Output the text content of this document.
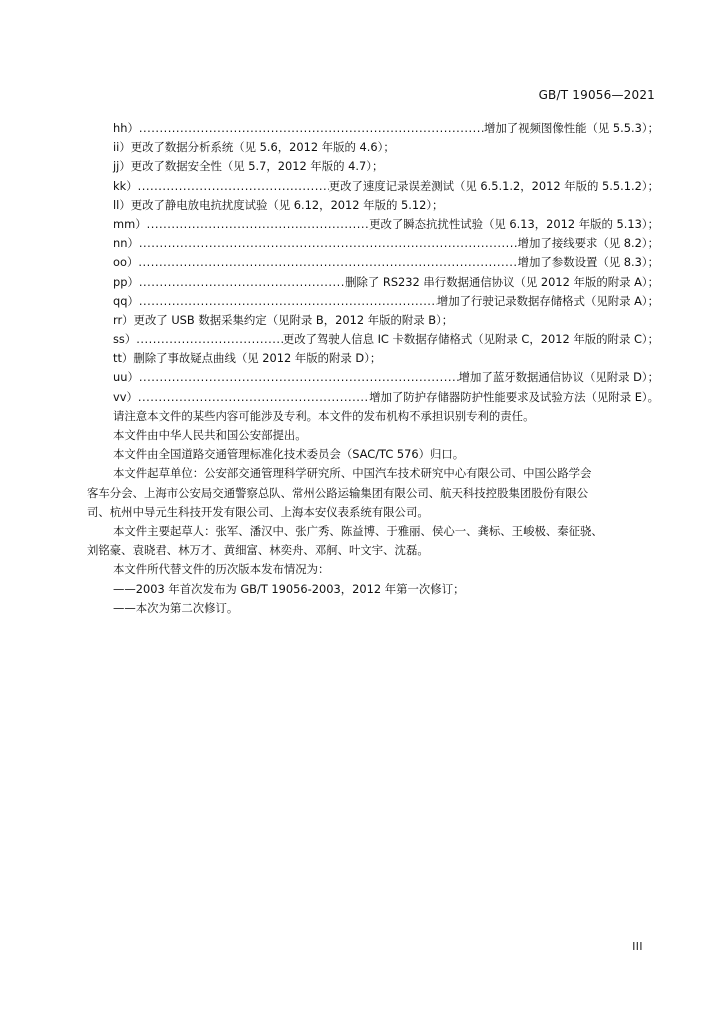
GB/T 19056—2021
hh） .....	增加了视频图像性能（见 5.5.3）；
ii）更改了数据分析系统（见 5.6，2012 年版的 4.6）；
jj）更改了数据安全性（见 5.7，2012 年版的 4.7）；
kk） .....	更改了速度记录误差测试（见 6.5.1.2，2012 年版的 5.5.1.2）；
ll）更改了静电放电抗扰度试验（见 6.12，2012 年版的 5.12）；
mm） .....	更改了瞬态抗扰性试验（见 6.13，2012 年版的 5.13）；
nn） .....	增加了接线要求（见 8.2）；
oo） .....	增加了参数设置（见 8.3）；
pp） .....	删除了 RS232 串行数据通信协议（见 2012 年版的附录 A）；
qq） .....	增加了行驶记录数据存储格式（见附录 A）；
rr）更改了 USB 数据采集约定（见附录 B，2012 年版的附录 B）；
ss） .....	更改了驾驶人信息 IC 卡数据存储格式（见附录 C，2012 年版的附录 C）；
tt）删除了事故疑点曲线（见 2012 年版的附录 D）；
uu） .....	增加了蓝牙数据通信协议（见附录 D）；
vv） .....	增加了防护存储器防护性能要求及试验方法（见附录 E）。
请注意本文件的某些内容可能涉及专利。本文件的发布机构不承担识别专利的责任。
本文件由中华人民共和国公安部提出。
本文件由全国道路交通管理标准化技术委员会（SAC/TC 576）归口。
本文件起草单位：公安部交通管理科学研究所、中国汽车技术研究中心有限公司、中国公路学会
客车分会、上海市公安局交通警察总队、常州公路运输集团有限公司、航天科技控股集团股份有限公
司、杭州中导元生科技开发有限公司、上海本安仪表系统有限公司。
本文件主要起草人：张军、潘汉中、张广秀、陈益博、于雅丽、侯心一、龚标、王峻极、秦征骁、
刘铭豪、袁晓君、林万才、黄细富、林奕舟、邓舸、叶文宇、沈磊。
本文件所代替文件的历次版本发布情况为：
——2003 年首次发布为 GB/T 19056-2003，2012 年第一次修订；
——本次为第二次修订。
III
